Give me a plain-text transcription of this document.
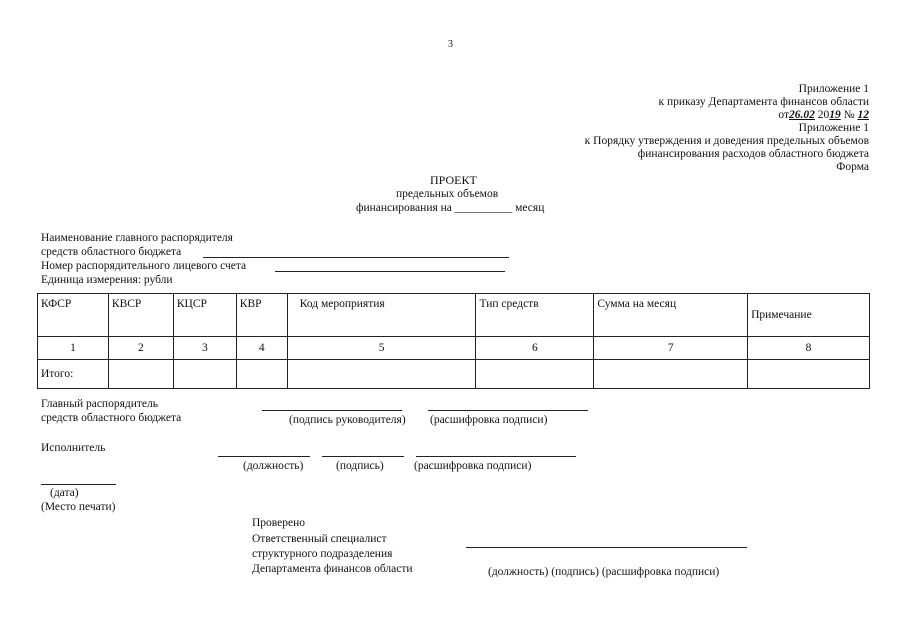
3
Приложение 1
к приказу Департамента финансов области
от26.02 2019 № 12
Приложение 1
к Порядку утверждения и доведения предельных объемов
финансирования расходов областного бюджета
Форма
ПРОЕКТ
предельных объемов
финансирования на __________ месяц
Наименование главного распорядителя
средств областного бюджета
Номер распорядительного лицевого счета
Единица измерения: рубли
КФСР	КВСР	КЦСР	КВР	Код мероприятия	Тип средств	Сумма на месяц	Примечание
1	2	3	4	5	6	7	8
Итого:							
Главный распорядитель
средств областного бюджета	(подпись руководителя) (расшифровка подписи)
Исполнитель
(должность)	(подпись)	(расшифровка подписи)
(дата)
(Место печати)
Проверено
Ответственный специалист
структурного подразделения
Департамента финансов области	(должность) (подпись) (расшифровка подписи)
